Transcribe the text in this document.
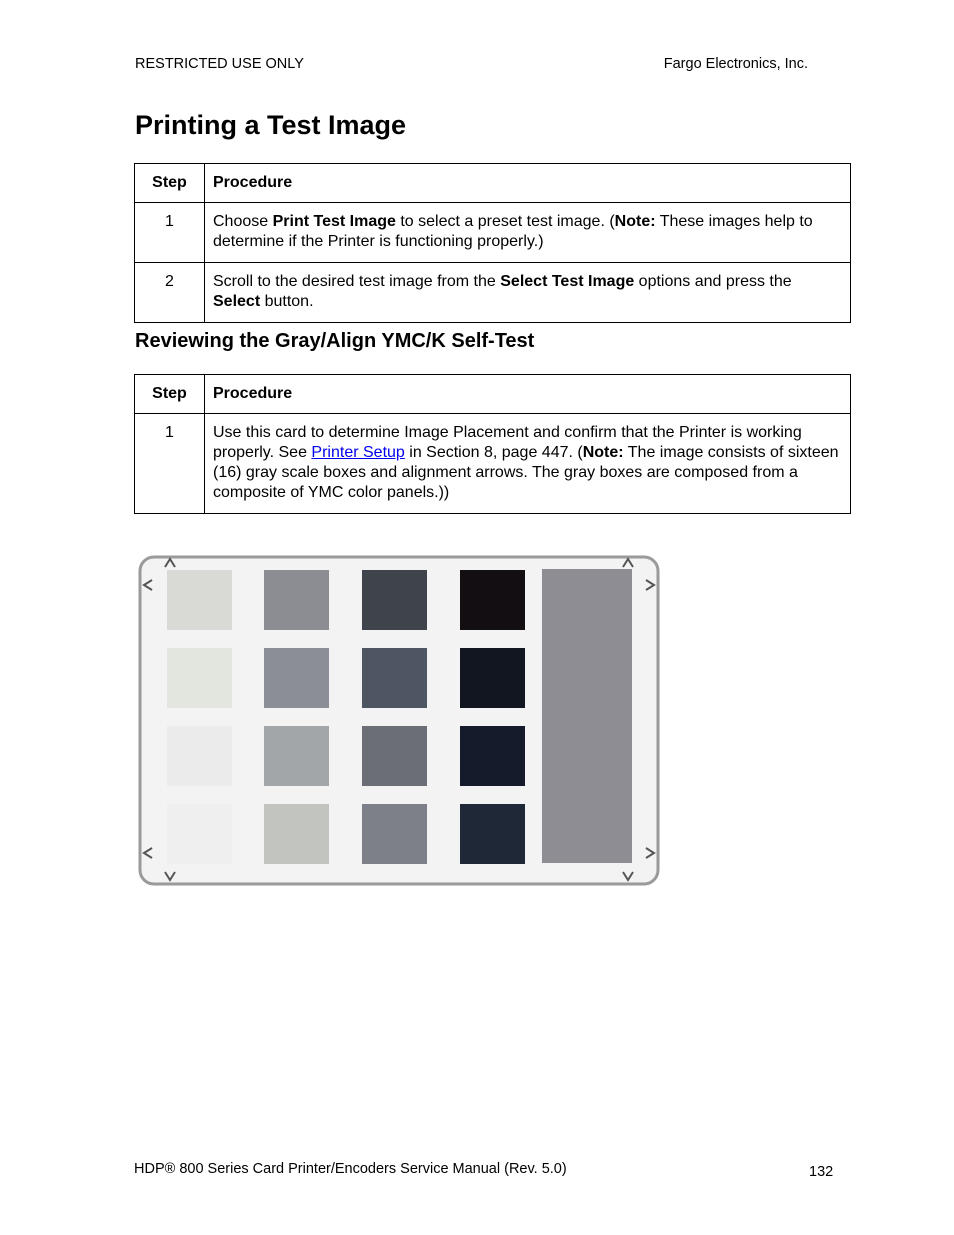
RESTRICTED USE ONLY	Fargo Electronics, Inc.
Printing a Test Image
Step	Procedure
1	Choose Print Test Image to select a preset test image. (Note: These images help to determine if the Printer is functioning properly.)
2	Scroll to the desired test image from the Select Test Image options and press the Select button.
Reviewing the Gray/Align YMC/K Self-Test
Step	Procedure
1	Use this card to determine Image Placement and confirm that the Printer is working properly. See Printer Setup in Section 8, page 447. (Note: The image consists of sixteen (16) gray scale boxes and alignment arrows. The gray boxes are composed from a composite of YMC color panels.))
HDP® 800 Series Card Printer/Encoders Service Manual (Rev. 5.0)	132
